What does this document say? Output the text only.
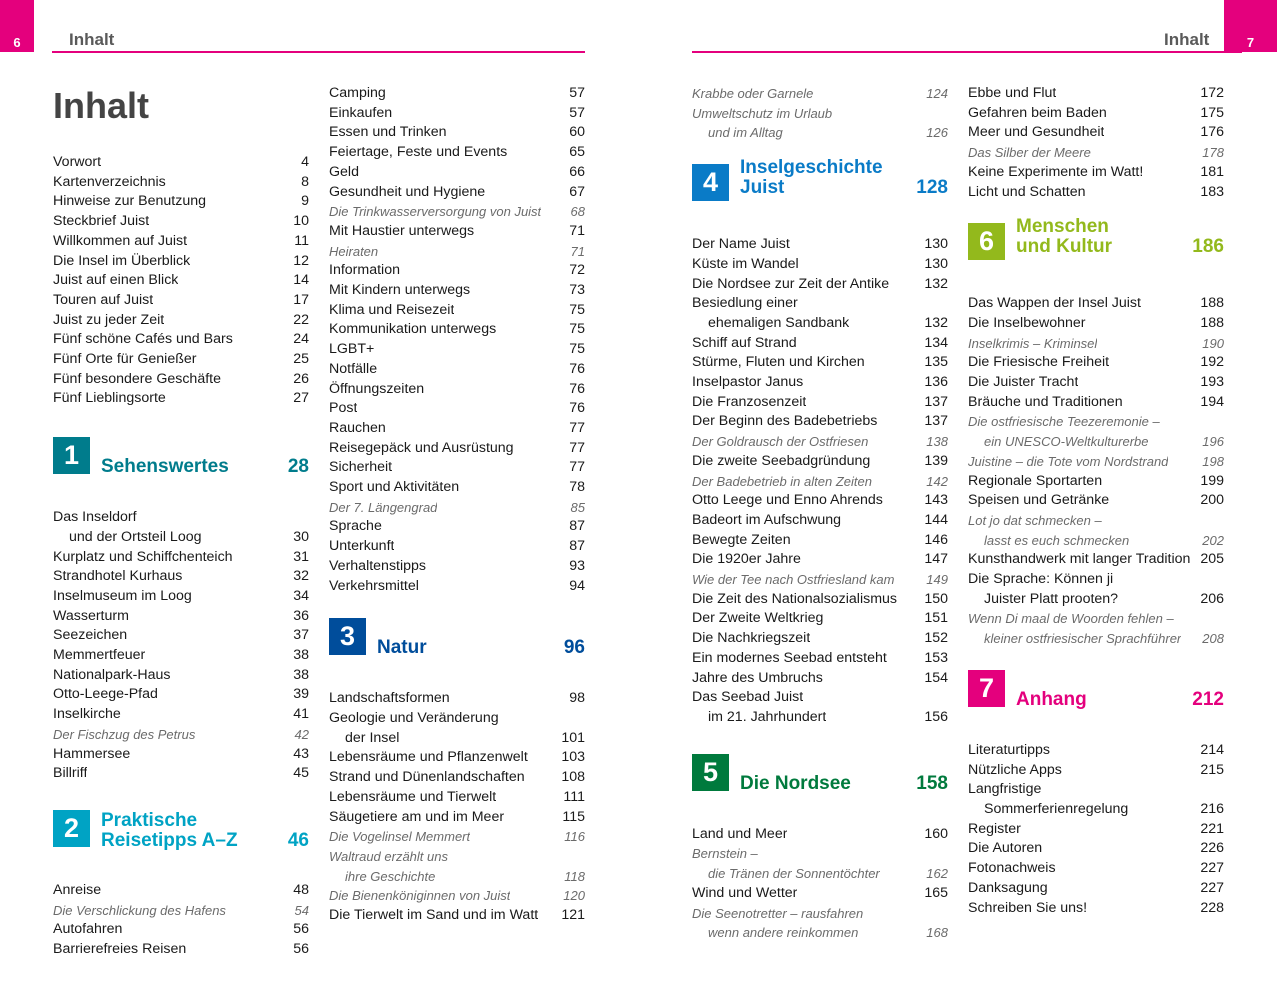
6	Inhalt
Inhalt
Vorwort	4
Kartenverzeichnis	8
Hinweise zur Benutzung	9
Steckbrief Juist	10
Willkommen auf Juist	11
Die Insel im Überblick	12
Juist auf einen Blick	14
Touren auf Juist	17
Juist zu jeder Zeit	22
Fünf schöne Cafés und Bars	24
Fünf Orte für Genießer	25
Fünf besondere Geschäfte	26
Fünf Lieblingsorte	27
1	Sehenswertes	28
Das Inseldorf
und der Ortsteil Loog	30
Kurplatz und Schiffchenteich	31
Strandhotel Kurhaus	32
Inselmuseum im Loog	34
Wasserturm	36
Seezeichen	37
Memmertfeuer	38
Nationalpark-Haus	38
Otto-Leege-Pfad	39
Inselkirche	41
Der Fischzug des Petrus	42
Hammersee	43
Billriff	45
2	Praktische
Reisetipps A–Z	46
Anreise	48
Die Verschlickung des Hafens	54
Autofahren	56
Barrierefreies Reisen	56
Camping	57
Einkaufen	57
Essen und Trinken	60
Feiertage, Feste und Events	65
Geld	66
Gesundheit und Hygiene	67
Die Trinkwasserversorgung von Juist	68
Mit Haustier unterwegs	71
Heiraten	71
Information	72
Mit Kindern unterwegs	73
Klima und Reisezeit	75
Kommunikation unterwegs	75
LGBT+	75
Notfälle	76
Öffnungszeiten	76
Post	76
Rauchen	77
Reisegepäck und Ausrüstung	77
Sicherheit	77
Sport und Aktivitäten	78
Der 7. Längengrad	85
Sprache	87
Unterkunft	87
Verhaltenstipps	93
Verkehrsmittel	94
3	Natur	96
Landschaftsformen	98
Geologie und Veränderung
der Insel	101
Lebensräume und Pflanzenwelt	103
Strand und Dünenlandschaften	108
Lebensräume und Tierwelt	111
Säugetiere am und im Meer	115
Die Vogelinsel Memmert	116
Waltraud erzählt uns
ihre Geschichte	118
Die Bienenköniginnen von Juist	120
Die Tierwelt im Sand und im Watt	121
Inhalt	7
Krabbe oder Garnele	124
Umweltschutz im Urlaub
und im Alltag	126
4	Inselgeschichte
Juist	128
Der Name Juist	130
Küste im Wandel	130
Die Nordsee zur Zeit der Antike	132
Besiedlung einer
ehemaligen Sandbank	132
Schiff auf Strand	134
Stürme, Fluten und Kirchen	135
Inselpastor Janus	136
Die Franzosenzeit	137
Der Beginn des Badebetriebs	137
Der Goldrausch der Ostfriesen	138
Die zweite Seebadgründung	139
Der Badebetrieb in alten Zeiten	142
Otto Leege und Enno Ahrends	143
Badeort im Aufschwung	144
Bewegte Zeiten	146
Die 1920er Jahre	147
Wie der Tee nach Ostfriesland kam	149
Die Zeit des Nationalsozialismus	150
Der Zweite Weltkrieg	151
Die Nachkriegszeit	152
Ein modernes Seebad entsteht	153
Jahre des Umbruchs	154
Das Seebad Juist
im 21. Jahrhundert	156
5	Die Nordsee	158
Land und Meer	160
Bernstein –
die Tränen der Sonnentöchter	162
Wind und Wetter	165
Die Seenotretter – rausfahren
wenn andere reinkommen	168
Ebbe und Flut	172
Gefahren beim Baden	175
Meer und Gesundheit	176
Das Silber der Meere	178
Keine Experimente im Watt!	181
Licht und Schatten	183
6	Menschen
und Kultur	186
Das Wappen der Insel Juist	188
Die Inselbewohner	188
Inselkrimis – Kriminsel	190
Die Friesische Freiheit	192
Die Juister Tracht	193
Bräuche und Traditionen	194
Die ostfriesische Teezeremonie –
ein UNESCO-Weltkulturerbe	196
Juistine – die Tote vom Nordstrand	198
Regionale Sportarten	199
Speisen und Getränke	200
Lot jo dat schmecken –
lasst es euch schmecken	202
Kunsthandwerk mit langer Tradition 205
Die Sprache: Können ji
Juister Platt prooten?	206
Wenn Di maal de Woorden fehlen –
kleiner ostfriesischer Sprachführer	208
7	Anhang	212
Literaturtipps	214
Nützliche Apps	215
Langfristige
Sommerferienregelung	216
Register	221
Die Autoren	226
Fotonachweis	227
Danksagung	227
Schreiben Sie uns!	228
